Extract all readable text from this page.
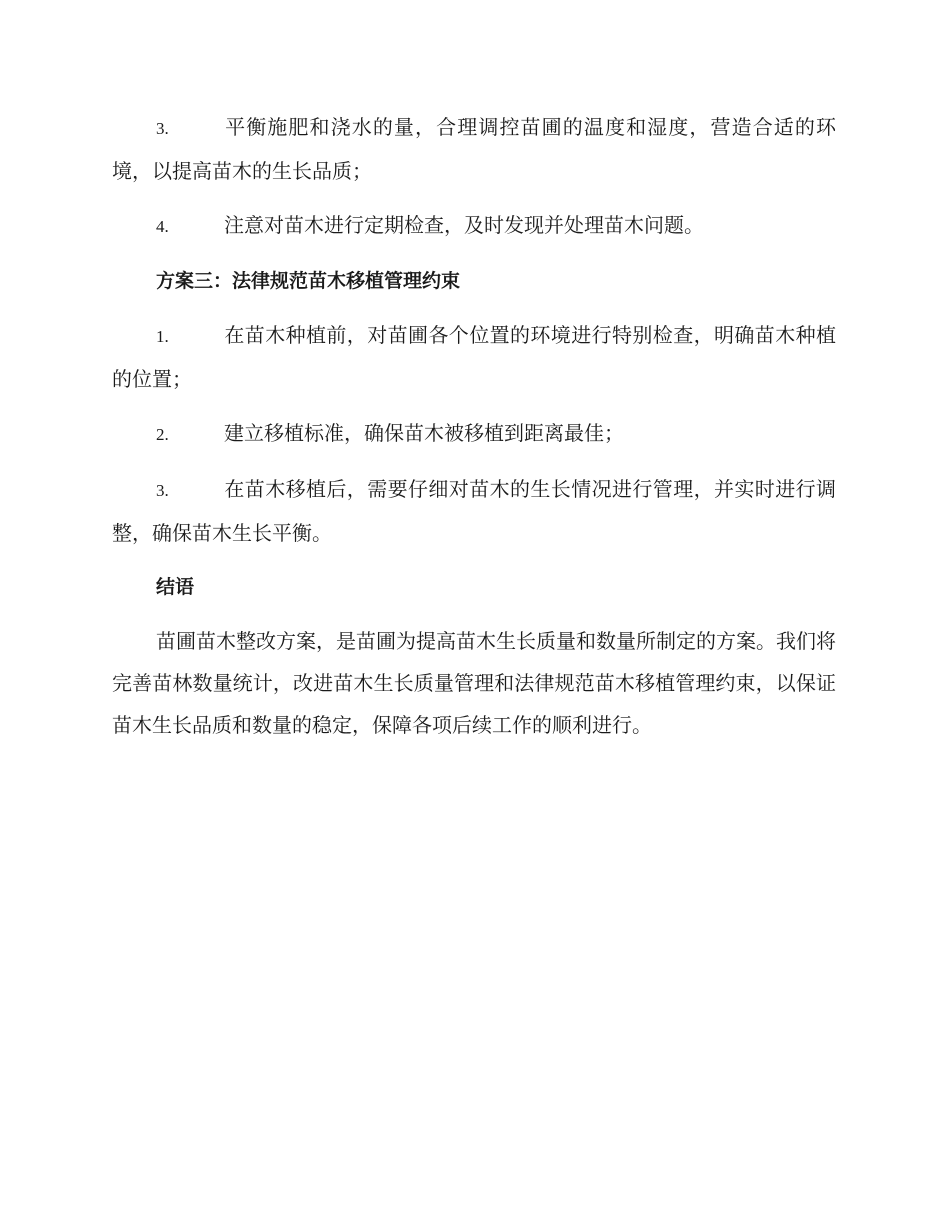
3.	平衡施肥和浇水的量，合理调控苗圃的温度和湿度，营造合适的环境，以提高苗木的生长品质；

4.	注意对苗木进行定期检查，及时发现并处理苗木问题。

方案三：法律规范苗木移植管理约束

1.	在苗木种植前，对苗圃各个位置的环境进行特别检查，明确苗木种植的位置；

2.	建立移植标准，确保苗木被移植到距离最佳；

3.	在苗木移植后，需要仔细对苗木的生长情况进行管理，并实时进行调整，确保苗木生长平衡。

结语

苗圃苗木整改方案，是苗圃为提高苗木生长质量和数量所制定的方案。我们将完善苗林数量统计，改进苗木生长质量管理和法律规范苗木移植管理约束，以保证苗木生长品质和数量的稳定，保障各项后续工作的顺利进行。
